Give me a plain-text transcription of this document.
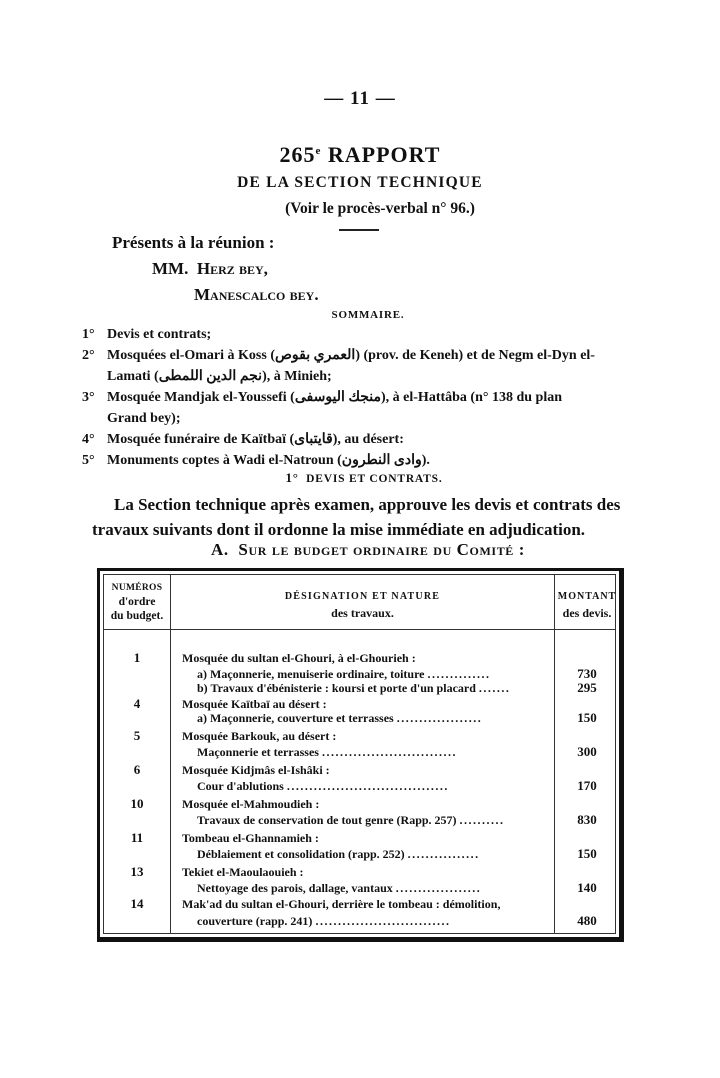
— 11 —
265e RAPPORT
DE LA SECTION TECHNIQUE
(Voir le procès-verbal n° 96.)
Présents à la réunion :
MM. Herz bey,
Manescalco bey.
SOMMAIRE.
1° Devis et contrats;
2° Mosquées el-Omari à Koss (العمري بقوص) (prov. de Keneh) et de Negm el-Dyn el-
Lamati (نجم الدين اللمطى), à Minieh;
3° Mosquée Mandjak el-Youssefi (منجك اليوسفى), à el-Hattâba (n° 138 du plan
Grand bey);
4° Mosquée funéraire de Kaïtbaï (قايتباى), au désert:
5° Monuments coptes à Wadi el-Natroun (وادى النطرون).
1° DEVIS ET CONTRATS.
La Section technique après examen, approuve les devis et contrats des
travaux suivants dont il ordonne la mise immédiate en adjudication.
A. Sur le budget ordinaire du Comité :
NUMÉROS
d'ordre
du budget.
DÉSIGNATION ET NATURE
des travaux.
MONTANT
des devis.
1	Mosquée du sultan el-Ghouri, à el-Ghourieh :
a) Maçonnerie, menuiserie ordinaire, toiture ..............	730
b) Travaux d'ébénisterie : koursi et porte d'un placard .......	295
4	Mosquée Kaïtbaï au désert :
a) Maçonnerie, couverture et terrasses ...................	150
5	Mosquée Barkouk, au désert :
Maçonnerie et terrasses ..............................	300
6	Mosquée Kidjmâs el-Ishâki :
Cour d'ablutions ....................................	170
10	Mosquée el-Mahmoudieh :
Travaux de conservation de tout genre (Rapp. 257) ..........	830
11	Tombeau el-Ghannamieh :
Déblaiement et consolidation (rapp. 252) ................	150
13	Tekiet el-Maoulaouieh :
Nettoyage des parois, dallage, vantaux ...................	140
14	Mak'ad du sultan el-Ghouri, derrière le tombeau : démolition,
couverture (rapp. 241) ..............................	480
